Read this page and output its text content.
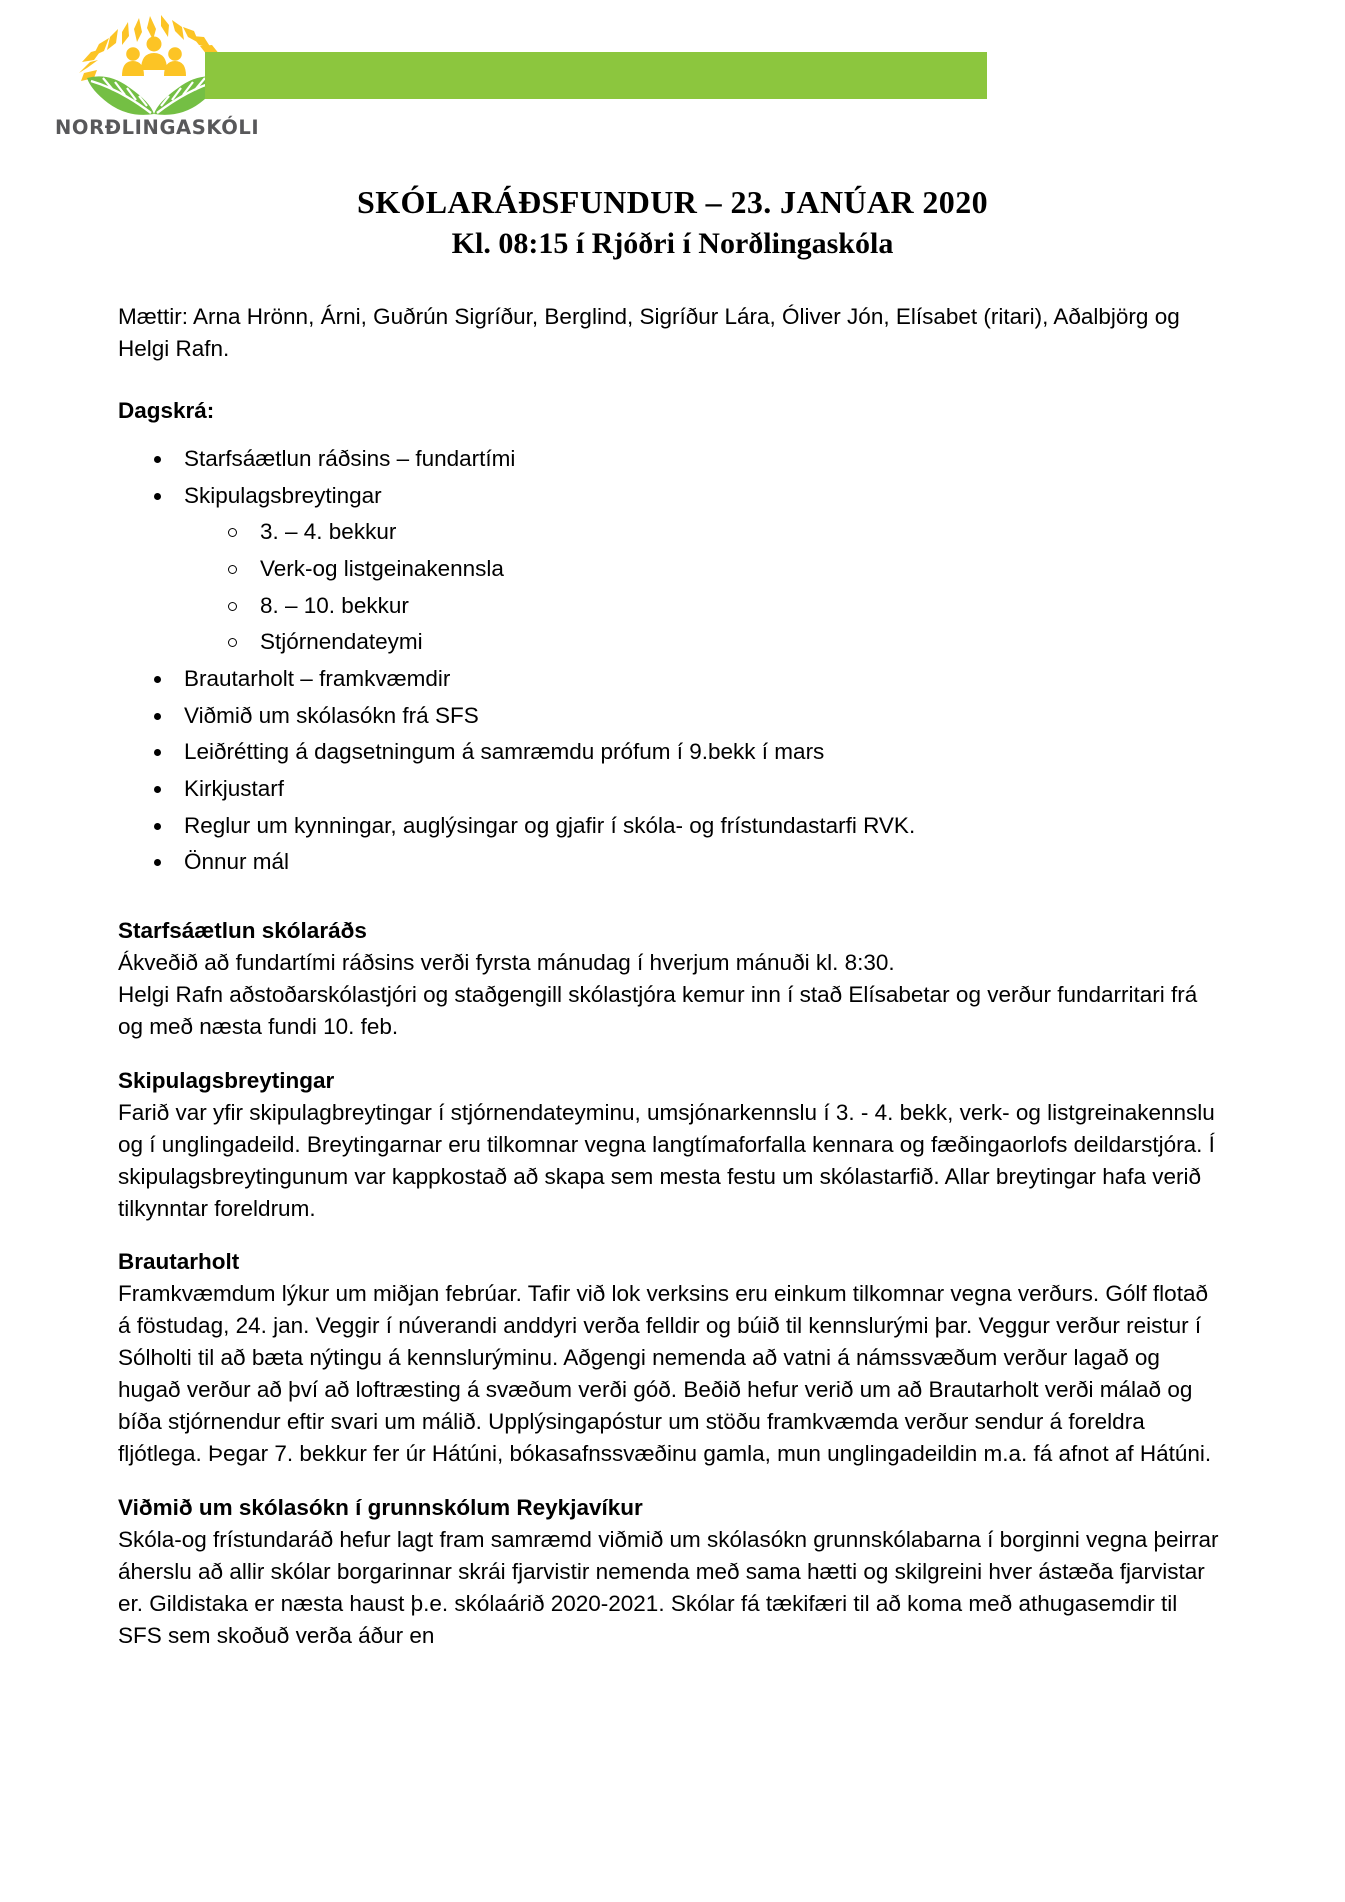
NORÐLINGASKÓLI
SKÓLARÁÐSFUNDUR – 23. JANÚAR 2020
Kl. 08:15 í Rjóðri í Norðlingaskóla

Mættir: Arna Hrönn, Árni, Guðrún Sigríður, Berglind, Sigríður Lára, Óliver Jón, Elísabet (ritari), Aðalbjörg og Helgi Rafn.

Dagskrá:
Starfsáætlun ráðsins – fundartími
Skipulagsbreytingar
3. – 4. bekkur
Verk-og listgeinakennsla
8. – 10. bekkur
Stjórnendateymi
Brautarholt – framkvæmdir
Viðmið um skólasókn frá SFS
Leiðrétting á dagsetningum á samræmdu prófum í 9.bekk í mars
Kirkjustarf
Reglur um kynningar, auglýsingar og gjafir í skóla- og frístundastarfi RVK.
Önnur mál
Starfsáætlun skólaráðs

Ákveðið að fundartími ráðsins verði fyrsta mánudag í hverjum mánuði kl. 8:30.

Helgi Rafn aðstoðarskólastjóri og staðgengill skólastjóra kemur inn í stað Elísabetar og verður fundarritari frá og með næsta fundi 10. feb.

Skipulagsbreytingar

Farið var yfir skipulagbreytingar í stjórnendateyminu, umsjónarkennslu í 3. - 4. bekk, verk- og listgreinakennslu og í unglingadeild. Breytingarnar eru tilkomnar vegna langtímaforfalla kennara og fæðingaorlofs deildarstjóra. Í skipulagsbreytingunum var kappkostað að skapa sem mesta festu um skólastarfið. Allar breytingar hafa verið tilkynntar foreldrum.

Brautarholt

Framkvæmdum lýkur um miðjan febrúar. Tafir við lok verksins eru einkum tilkomnar vegna verðurs. Gólf flotað á föstudag, 24. jan. Veggir í núverandi anddyri verða felldir og búið til kennslurými þar. Veggur verður reistur í Sólholti til að bæta nýtingu á kennslurýminu. Aðgengi nemenda að vatni á námssvæðum verður lagað og hugað verður að því að loftræsting á svæðum verði góð. Beðið hefur verið um að Brautarholt verði málað og bíða stjórnendur eftir svari um málið. Upplýsingapóstur um stöðu framkvæmda verður sendur á foreldra fljótlega. Þegar 7. bekkur fer úr Hátúni, bókasafnssvæðinu gamla, mun unglingadeildin m.a. fá afnot af Hátúni.

Viðmið um skólasókn í grunnskólum Reykjavíkur

Skóla-og frístundaráð hefur lagt fram samræmd viðmið um skólasókn grunnskólabarna í borginni vegna þeirrar áherslu að allir skólar borgarinnar skrái fjarvistir nemenda með sama hætti og skilgreini hver ástæða fjarvistar er. Gildistaka er næsta haust þ.e. skólaárið 2020-2021. Skólar fá tækifæri til að koma með athugasemdir til SFS sem skoðuð verða áður en
